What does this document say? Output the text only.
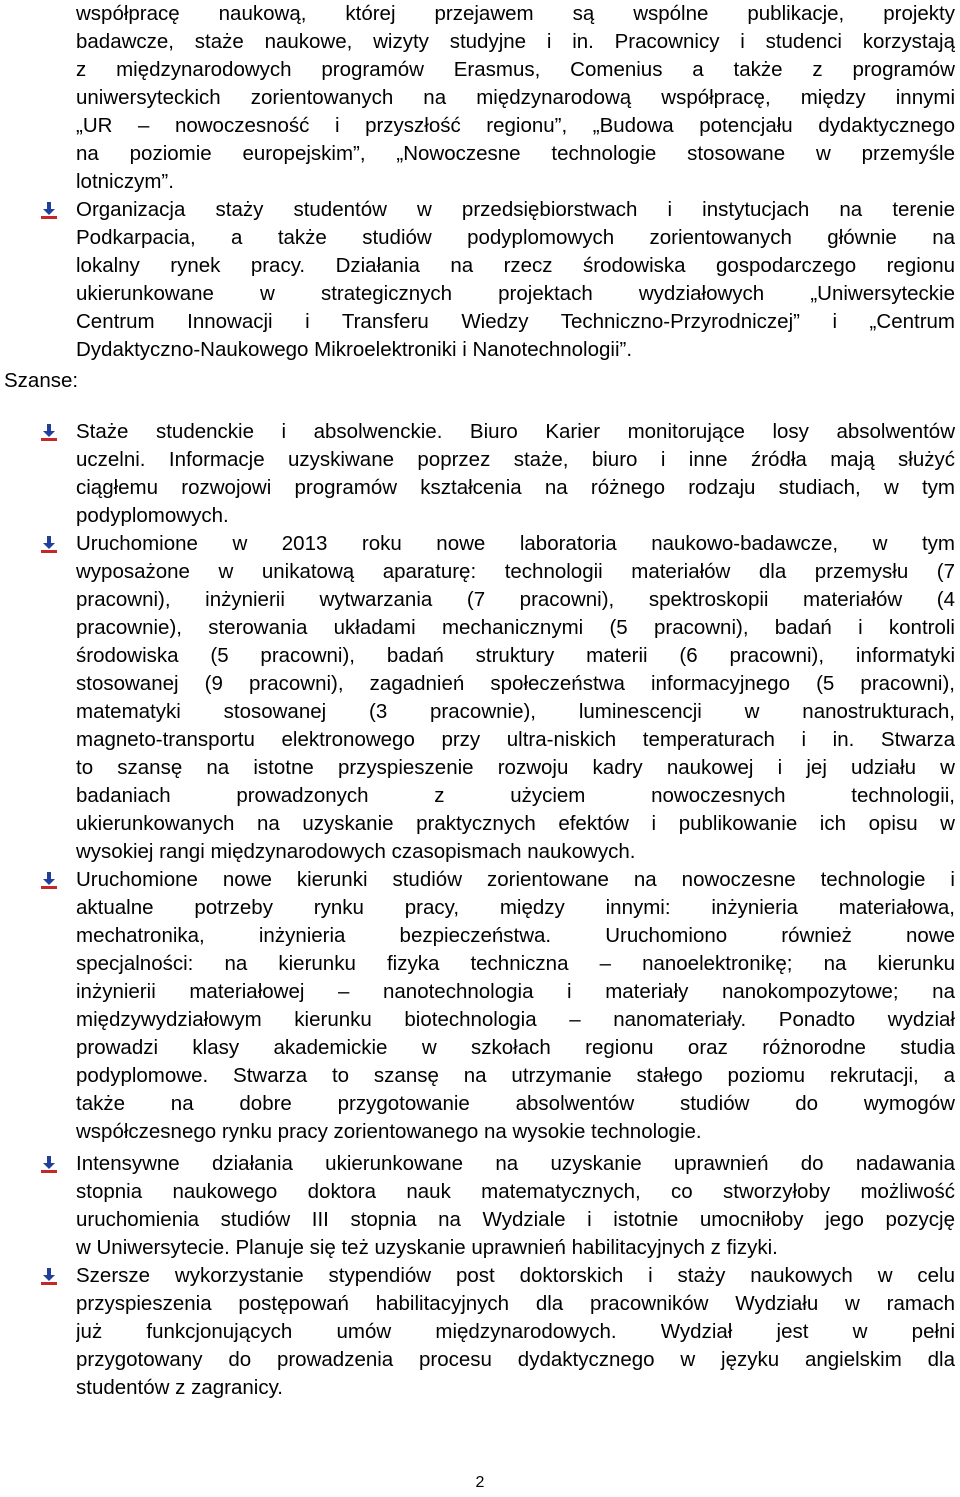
współpracę naukową, której przejawem są wspólne publikacje, projekty
badawcze, staże naukowe, wizyty studyjne i in. Pracownicy i studenci korzystają
z międzynarodowych programów Erasmus, Comenius a także z programów
uniwersyteckich zorientowanych na międzynarodową współpracę, między innymi
„UR – nowoczesność i przyszłość regionu”, „Budowa potencjału dydaktycznego
na poziomie europejskim”, „Nowoczesne technologie stosowane w przemyśle
lotniczym”.
Organizacja staży studentów w przedsiębiorstwach i instytucjach na terenie
Podkarpacia, a także studiów podyplomowych zorientowanych głównie na
lokalny rynek pracy. Działania na rzecz środowiska gospodarczego regionu
ukierunkowane w strategicznych projektach wydziałowych „Uniwersyteckie
Centrum Innowacji i Transferu Wiedzy Techniczno-Przyrodniczej” i „Centrum
Dydaktyczno-Naukowego Mikroelektroniki i Nanotechnologii”.
Szanse:
Staże studenckie i absolwenckie. Biuro Karier monitorujące losy absolwentów
uczelni. Informacje uzyskiwane poprzez staże, biuro i inne źródła mają służyć
ciągłemu rozwojowi programów kształcenia na różnego rodzaju studiach, w tym
podyplomowych.
Uruchomione w 2013 roku nowe laboratoria naukowo-badawcze, w tym
wyposażone w unikatową aparaturę: technologii materiałów dla przemysłu (7
pracowni), inżynierii wytwarzania (7 pracowni), spektroskopii materiałów (4
pracownie), sterowania układami mechanicznymi (5 pracowni), badań i kontroli
środowiska (5 pracowni), badań struktury materii (6 pracowni), informatyki
stosowanej (9 pracowni), zagadnień społeczeństwa informacyjnego (5 pracowni),
matematyki stosowanej (3 pracownie), luminescencji w nanostrukturach,
magneto-transportu elektronowego przy ultra-niskich temperaturach i in. Stwarza
to szansę na istotne przyspieszenie rozwoju kadry naukowej i jej udziału w
badaniach prowadzonych z użyciem nowoczesnych technologii,
ukierunkowanych na uzyskanie praktycznych efektów i publikowanie ich opisu w
wysokiej rangi międzynarodowych czasopismach naukowych.
Uruchomione nowe kierunki studiów zorientowane na nowoczesne technologie i
aktualne potrzeby rynku pracy, między innymi: inżynieria materiałowa,
mechatronika, inżynieria bezpieczeństwa. Uruchomiono również nowe
specjalności: na kierunku fizyka techniczna – nanoelektronikę; na kierunku
inżynierii materiałowej – nanotechnologia i materiały nanokompozytowe; na
międzywydziałowym kierunku biotechnologia – nanomateriały. Ponadto wydział
prowadzi klasy akademickie w szkołach regionu oraz różnorodne studia
podyplomowe. Stwarza to szansę na utrzymanie stałego poziomu rekrutacji, a
także na dobre przygotowanie absolwentów studiów do wymogów
współczesnego rynku pracy zorientowanego na wysokie technologie.
Intensywne działania ukierunkowane na uzyskanie uprawnień do nadawania
stopnia naukowego doktora nauk matematycznych, co stworzyłoby możliwość
uruchomienia studiów III stopnia na Wydziale i istotnie umocniłoby jego pozycję
w Uniwersytecie. Planuje się też uzyskanie uprawnień habilitacyjnych z fizyki.
Szersze wykorzystanie stypendiów post doktorskich i staży naukowych w celu
przyspieszenia postępowań habilitacyjnych dla pracowników Wydziału w ramach
już funkcjonujących umów międzynarodowych. Wydział jest w pełni
przygotowany do prowadzenia procesu dydaktycznego w języku angielskim dla
studentów z zagranicy.
2
